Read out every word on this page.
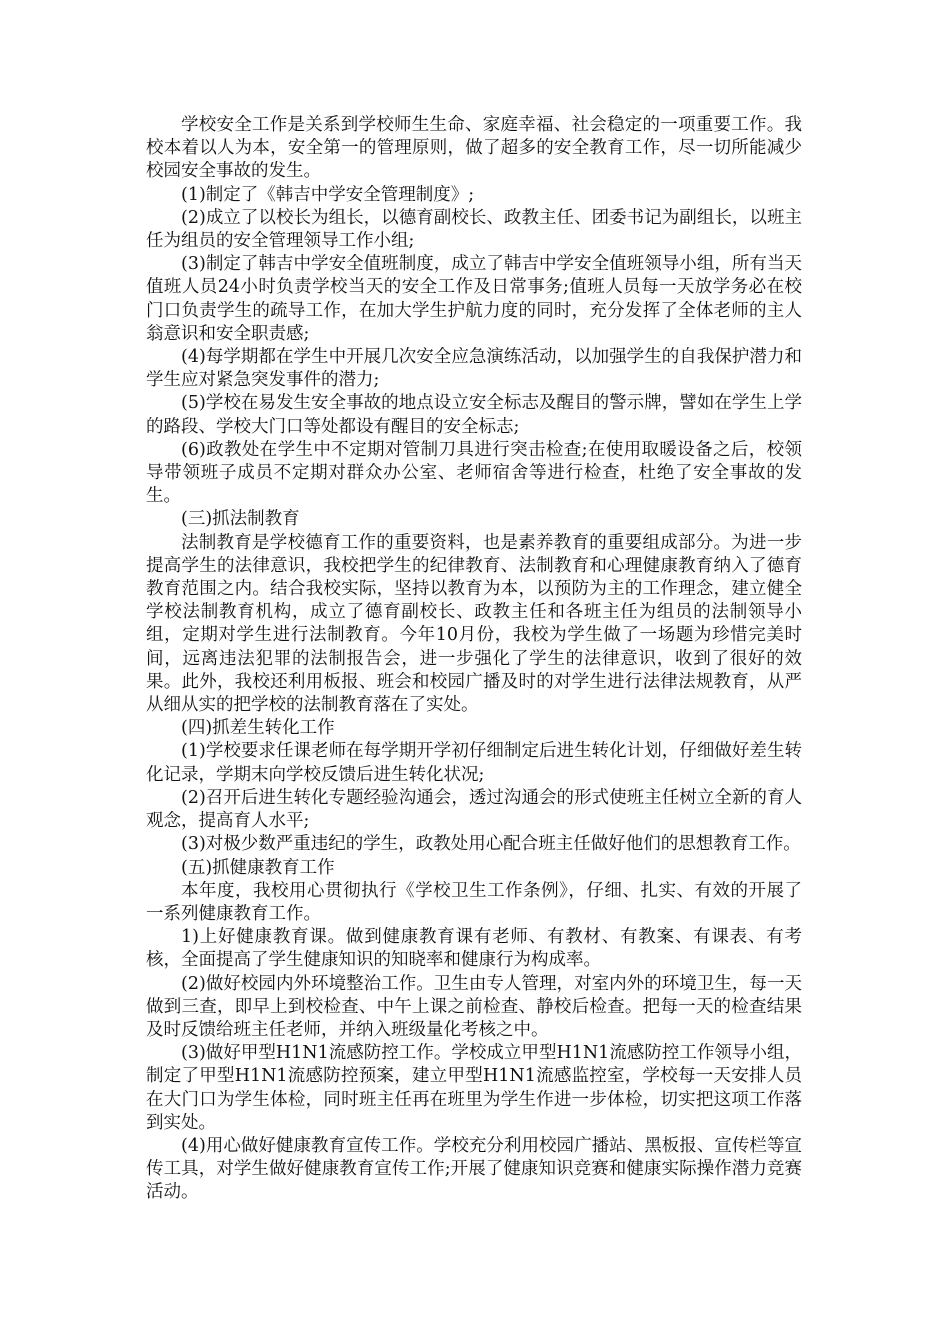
学校安全工作是关系到学校师生生命、家庭幸福、社会稳定的一项重要工作。我校本着以人为本，安全第一的管理原则，做了超多的安全教育工作，尽一切所能减少校园安全事故的发生。

(1)制定了《韩吉中学安全管理制度》;

(2)成立了以校长为组长，以德育副校长、政教主任、团委书记为副组长，以班主任为组员的安全管理领导工作小组;

(3)制定了韩吉中学安全值班制度，成立了韩吉中学安全值班领导小组，所有当天值班人员24小时负责学校当天的安全工作及日常事务;值班人员每一天放学务必在校门口负责学生的疏导工作，在加大学生护航力度的同时，充分发挥了全体老师的主人翁意识和安全职责感;

(4)每学期都在学生中开展几次安全应急演练活动，以加强学生的自我保护潜力和学生应对紧急突发事件的潜力;

(5)学校在易发生安全事故的地点设立安全标志及醒目的警示牌，譬如在学生上学的路段、学校大门口等处都设有醒目的安全标志;

(6)政教处在学生中不定期对管制刀具进行突击检查;在使用取暖设备之后，校领导带领班子成员不定期对群众办公室、老师宿舍等进行检查，杜绝了安全事故的发生。

(三)抓法制教育

法制教育是学校德育工作的重要资料，也是素养教育的重要组成部分。为进一步提高学生的法律意识，我校把学生的纪律教育、法制教育和心理健康教育纳入了德育教育范围之内。结合我校实际，坚持以教育为本，以预防为主的工作理念，建立健全学校法制教育机构，成立了德育副校长、政教主任和各班主任为组员的法制领导小组，定期对学生进行法制教育。今年10月份，我校为学生做了一场题为珍惜完美时间，远离违法犯罪的法制报告会，进一步强化了学生的法律意识，收到了很好的效果。此外，我校还利用板报、班会和校园广播及时的对学生进行法律法规教育，从严从细从实的把学校的法制教育落在了实处。

(四)抓差生转化工作

(1)学校要求任课老师在每学期开学初仔细制定后进生转化计划，仔细做好差生转化记录，学期末向学校反馈后进生转化状况;

(2)召开后进生转化专题经验沟通会，透过沟通会的形式使班主任树立全新的育人观念，提高育人水平;

(3)对极少数严重违纪的学生，政教处用心配合班主任做好他们的思想教育工作。

(五)抓健康教育工作

本年度，我校用心贯彻执行《学校卫生工作条例》，仔细、扎实、有效的开展了一系列健康教育工作。

1)上好健康教育课。做到健康教育课有老师、有教材、有教案、有课表、有考核，全面提高了学生健康知识的知晓率和健康行为构成率。

(2)做好校园内外环境整治工作。卫生由专人管理，对室内外的环境卫生，每一天做到三查，即早上到校检查、中午上课之前检查、静校后检查。把每一天的检查结果及时反馈给班主任老师，并纳入班级量化考核之中。

(3)做好甲型H1N1流感防控工作。学校成立甲型H1N1流感防控工作领导小组，制定了甲型H1N1流感防控预案，建立甲型H1N1流感监控室，学校每一天安排人员在大门口为学生体检，同时班主任再在班里为学生作进一步体检，切实把这项工作落到实处。

(4)用心做好健康教育宣传工作。学校充分利用校园广播站、黑板报、宣传栏等宣传工具，对学生做好健康教育宣传工作;开展了健康知识竞赛和健康实际操作潜力竞赛活动。
